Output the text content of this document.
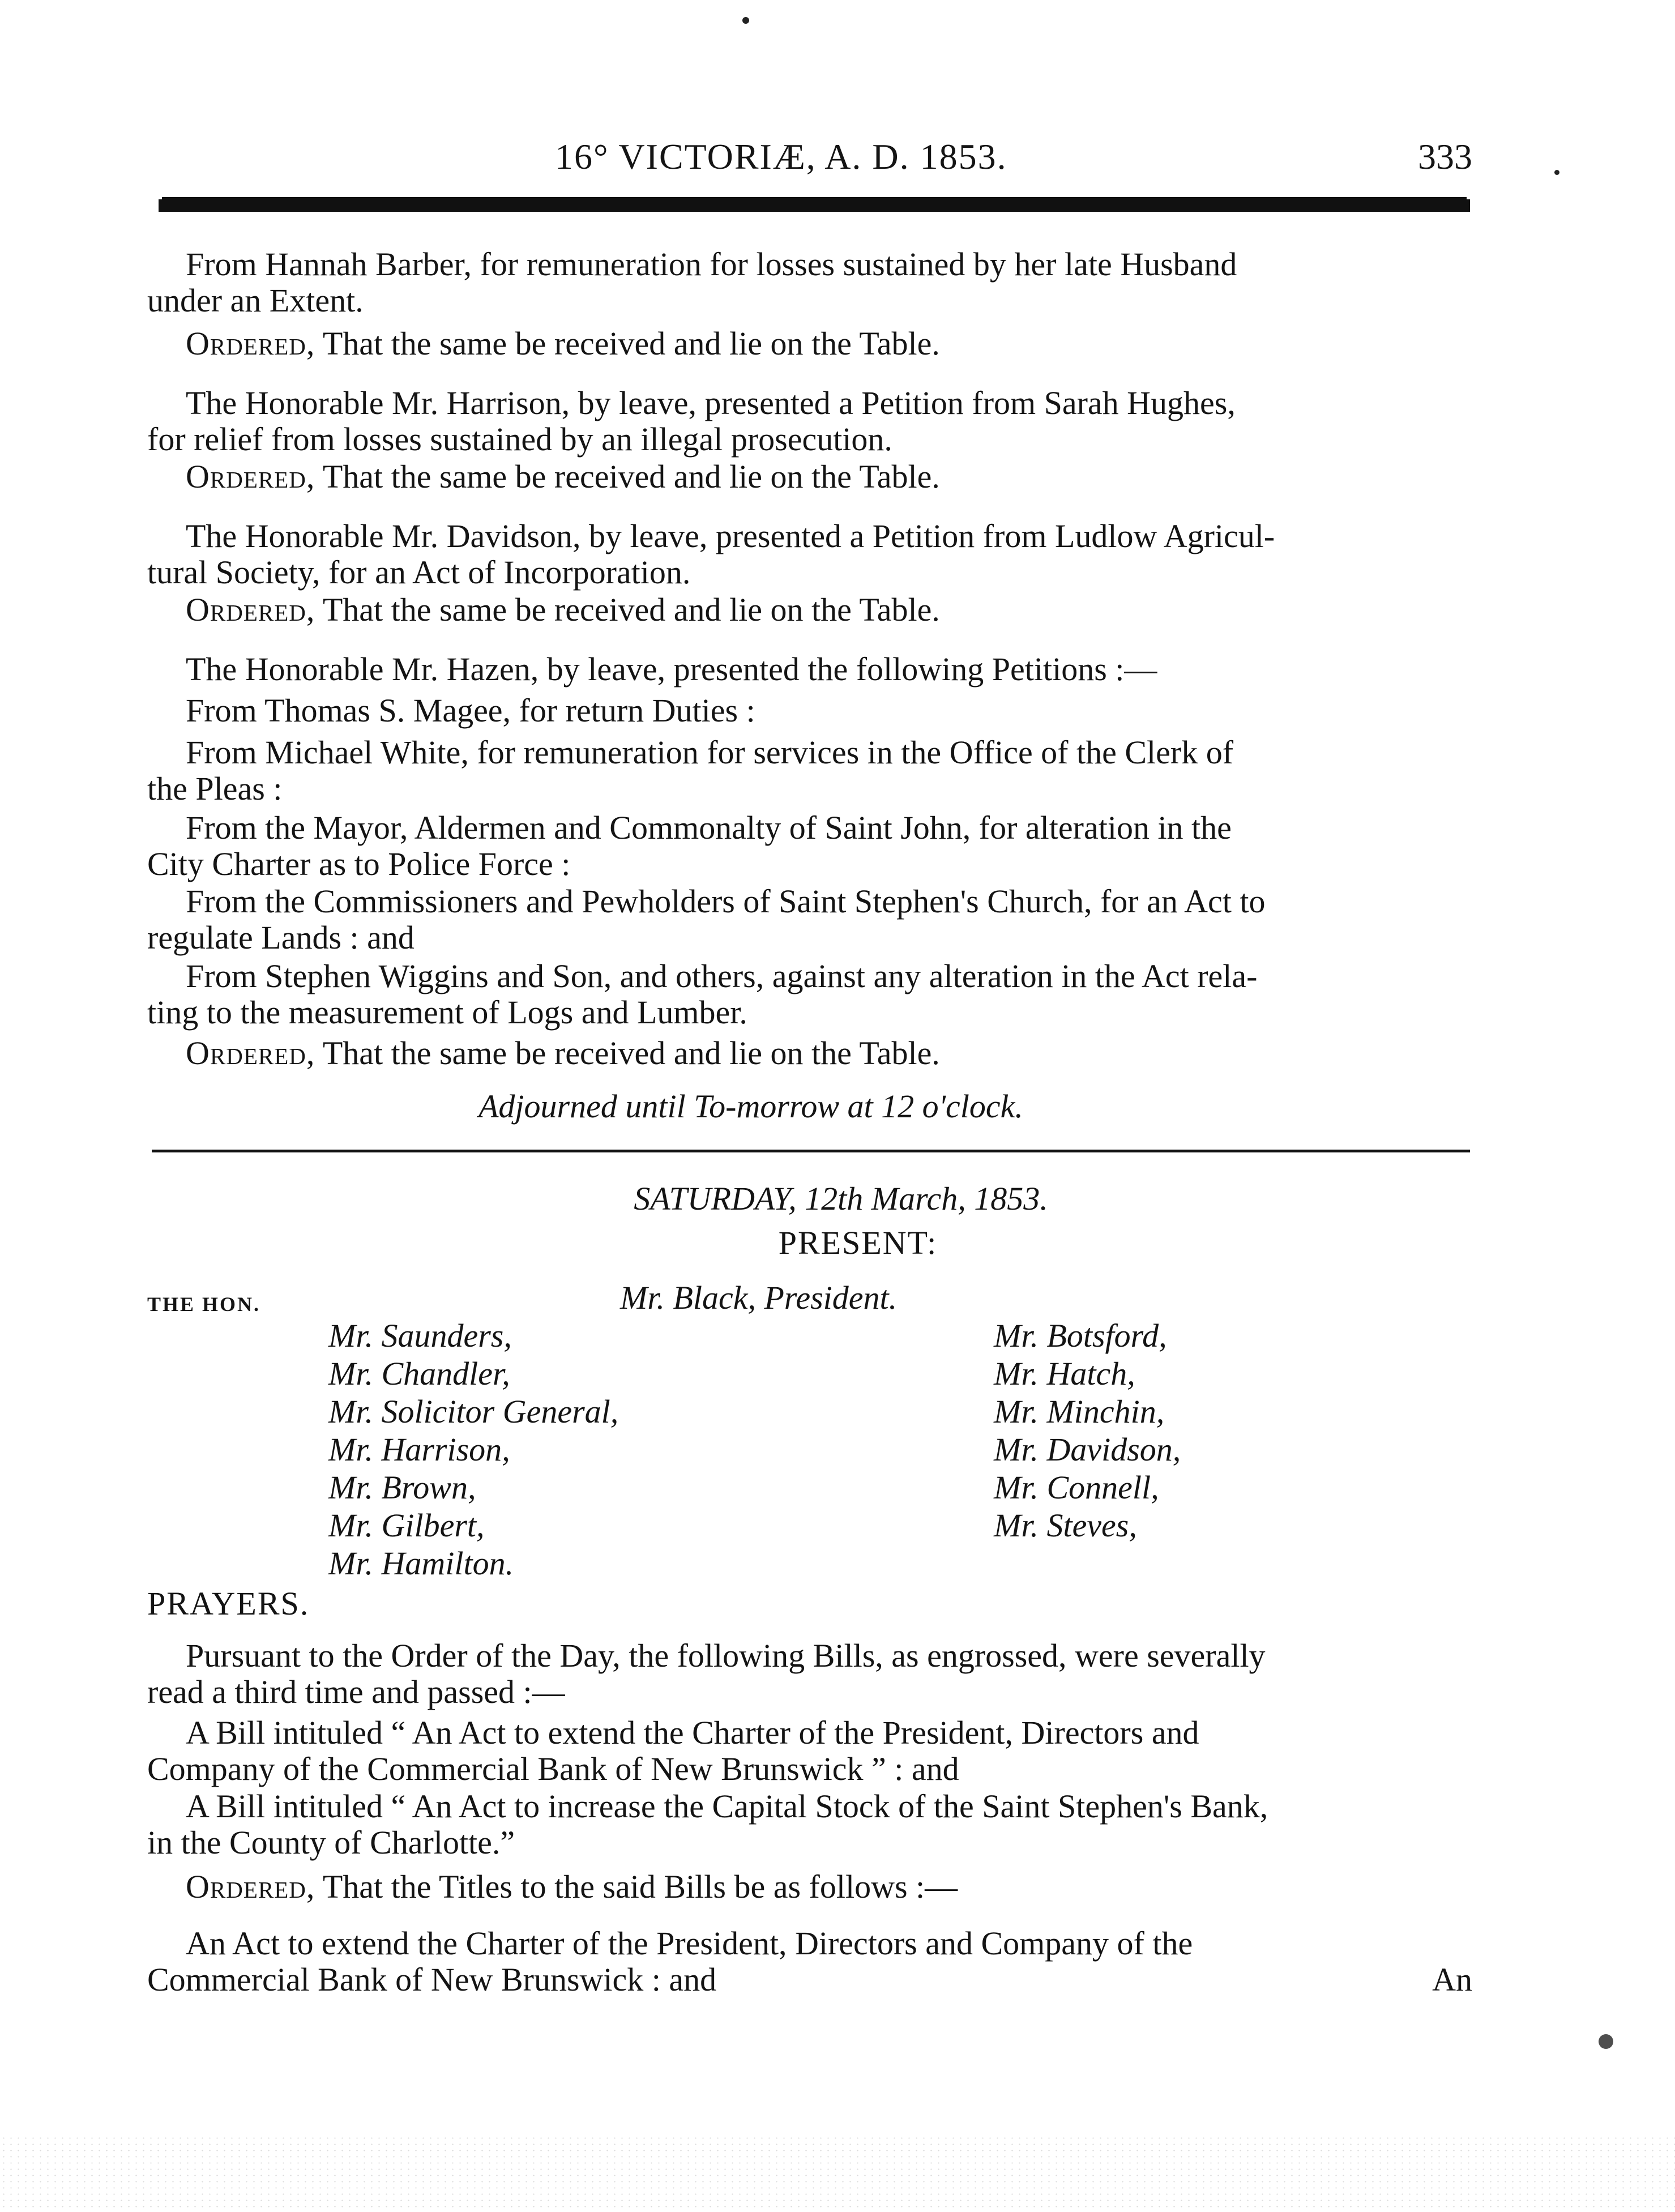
16° VICTORIÆ, A. D. 1853.	333
From Hannah Barber, for remuneration for losses sustained by her late Husband
under an Extent.
Ordered, That the same be received and lie on the Table.
The Honorable Mr. Harrison, by leave, presented a Petition from Sarah Hughes,
for relief from losses sustained by an illegal prosecution.
Ordered, That the same be received and lie on the Table.
The Honorable Mr. Davidson, by leave, presented a Petition from Ludlow Agricul-
tural Society, for an Act of Incorporation.
Ordered, That the same be received and lie on the Table.
The Honorable Mr. Hazen, by leave, presented the following Petitions :—
From Thomas S. Magee, for return Duties :
From Michael White, for remuneration for services in the Office of the Clerk of
the Pleas :
From the Mayor, Aldermen and Commonalty of Saint John, for alteration in the
City Charter as to Police Force :
From the Commissioners and Pewholders of Saint Stephen's Church, for an Act to
regulate Lands : and
From Stephen Wiggins and Son, and others, against any alteration in the Act rela-
ting to the measurement of Logs and Lumber.
Ordered, That the same be received and lie on the Table.
Adjourned until To-morrow at 12 o'clock.
SATURDAY, 12th March, 1853.
PRESENT:
THE HON.	Mr. Black, President.
Mr. Saunders,
Mr. Chandler,
Mr. Solicitor General,
Mr. Harrison,
Mr. Brown,
Mr. Gilbert,
Mr. Hamilton.
Mr. Botsford,
Mr. Hatch,
Mr. Minchin,
Mr. Davidson,
Mr. Connell,
Mr. Steves,
PRAYERS.
Pursuant to the Order of the Day, the following Bills, as engrossed, were severally
read a third time and passed :—
A Bill intituled “ An Act to extend the Charter of the President, Directors and
Company of the Commercial Bank of New Brunswick ” : and
A Bill intituled “ An Act to increase the Capital Stock of the Saint Stephen's Bank,
in the County of Charlotte.”
Ordered, That the Titles to the said Bills be as follows :—
An Act to extend the Charter of the President, Directors and Company of the
Commercial Bank of New Brunswick : and	An
